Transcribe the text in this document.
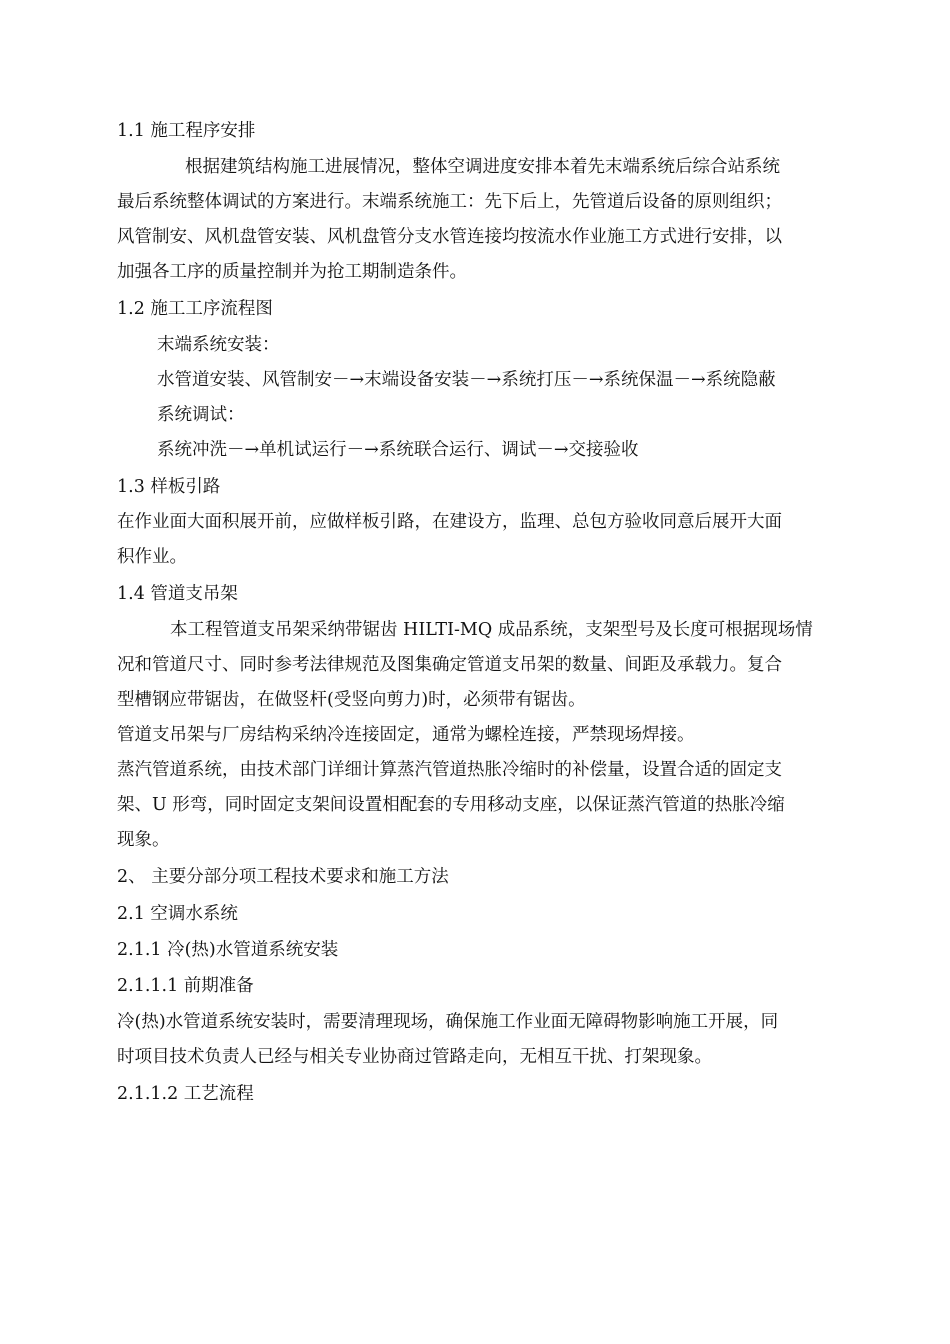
1.1 施工程序安排
根据建筑结构施工进展情况，整体空调进度安排本着先末端系统后综合站系统
最后系统整体调试的方案进行。末端系统施工：先下后上，先管道后设备的原则组织；
风管制安、风机盘管安装、风机盘管分支水管连接均按流水作业施工方式进行安排，以
加强各工序的质量控制并为抢工期制造条件。
1.2 施工工序流程图
末端系统安装：
水管道安装、风管制安－→末端设备安装－→系统打压－→系统保温－→系统隐蔽
系统调试：
系统冲洗－→单机试运行－→系统联合运行、调试－→交接验收
1.3 样板引路
在作业面大面积展开前，应做样板引路，在建设方，监理、总包方验收同意后展开大面
积作业。
1.4 管道支吊架
本工程管道支吊架采纳带锯齿 HILTI-MQ 成品系统，支架型号及长度可根据现场情
况和管道尺寸、同时参考法律规范及图集确定管道支吊架的数量、间距及承载力。复合
型槽钢应带锯齿，在做竖杆(受竖向剪力)时，必须带有锯齿。
管道支吊架与厂房结构采纳冷连接固定，通常为螺栓连接，严禁现场焊接。
蒸汽管道系统，由技术部门详细计算蒸汽管道热胀冷缩时的补偿量，设置合适的固定支
架、U 形弯，同时固定支架间设置相配套的专用移动支座，以保证蒸汽管道的热胀冷缩
现象。
2、 主要分部分项工程技术要求和施工方法
2.1 空调水系统
2.1.1 冷(热)水管道系统安装
2.1.1.1 前期准备
冷(热)水管道系统安装时，需要清理现场，确保施工作业面无障碍物影响施工开展，同
时项目技术负责人已经与相关专业协商过管路走向，无相互干扰、打架现象。
2.1.1.2 工艺流程
